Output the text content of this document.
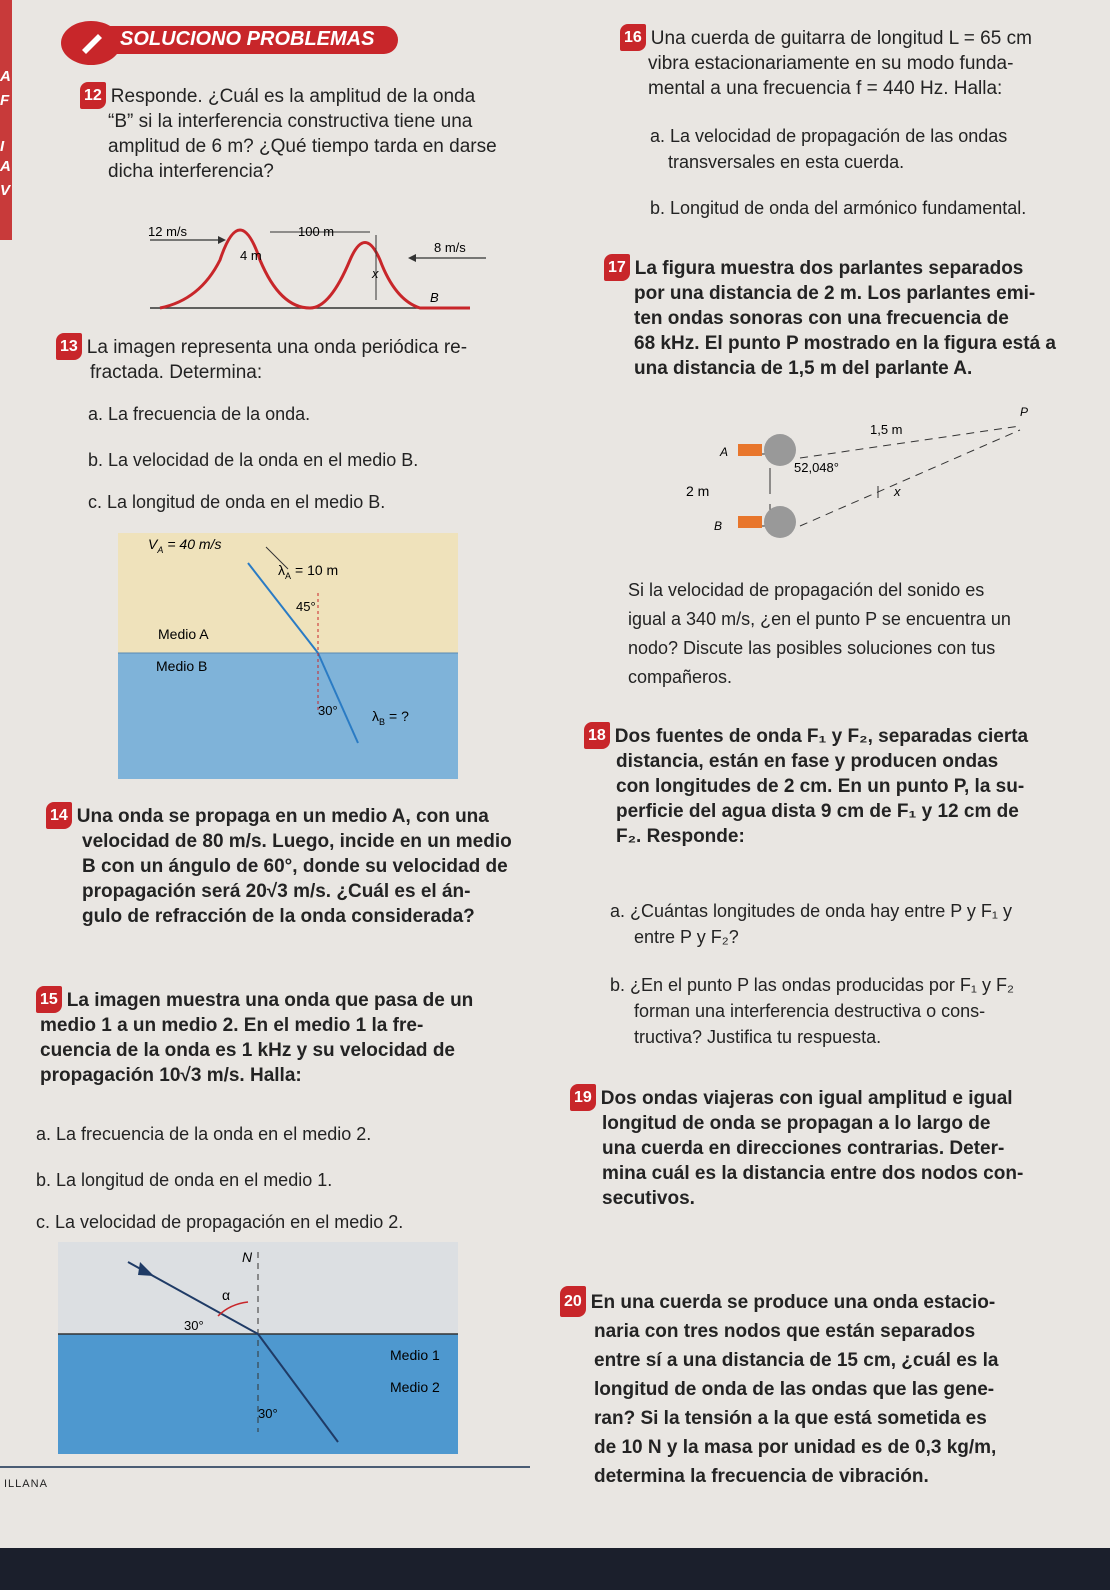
A
F
I
A
V
SOLUCIONO PROBLEMAS
12 Responde. ¿Cuál es la amplitud de la onda
“B” si la interferencia constructiva tiene una
amplitud de 6 m? ¿Qué tiempo tarda en darse
dicha interferencia?
12 m/s	100 m
4 m
8 m/s
x
B
13 La imagen representa una onda periódica re-
fractada. Determina:
a. La frecuencia de la onda.
b. La velocidad de la onda en el medio B.
c. La longitud de onda en el medio B.
$V_A = 40$ m/s
$\lambda_A = 10$ m
45°
Medio A
Medio B
30° $\lambda_B$ = ?
14 Una onda se propaga en un medio A, con una
velocidad de 80 m/s. Luego, incide en un medio
B con un ángulo de 60°, donde su velocidad de
propagación será 20√3 m/s. ¿Cuál es el án-
gulo de refracción de la onda considerada?
15 La imagen muestra una onda que pasa de un
medio 1 a un medio 2. En el medio 1 la fre-
cuencia de la onda es 1 kHz y su velocidad de
propagación 10√3 m/s. Halla:
a. La frecuencia de la onda en el medio 2.
b. La longitud de onda en el medio 1.
c. La velocidad de propagación en el medio 2.
N
α
30°
Medio 1
Medio 2
30°
ILLANA
16 Una cuerda de guitarra de longitud L = 65 cm
vibra estacionariamente en su modo funda-
mental a una frecuencia f = 440 Hz. Halla:
a. La velocidad de propagación de las ondas
transversales en esta cuerda.
b. Longitud de onda del armónico fundamental.
17 La figura muestra dos parlantes separados
por una distancia de 2 m. Los parlantes emi-
ten ondas sonoras con una frecuencia de
68 kHz. El punto P mostrado en la figura está a
una distancia de 1,5 m del parlante A.
P
1,5 m
A
52,048°
2 m	x
B
Si la velocidad de propagación del sonido es
igual a 340 m/s, ¿en el punto P se encuentra un
nodo? Discute las posibles soluciones con tus
compañeros.
18 Dos fuentes de onda F₁ y F₂, separadas cierta
distancia, están en fase y producen ondas
con longitudes de 2 cm. En un punto P, la su-
perficie del agua dista 9 cm de F₁ y 12 cm de
F₂. Responde:
a. ¿Cuántas longitudes de onda hay entre P y F₁ y
entre P y F₂?
b. ¿En el punto P las ondas producidas por F₁ y F₂
forman una interferencia destructiva o cons-
tructiva? Justifica tu respuesta.
19 Dos ondas viajeras con igual amplitud e igual
longitud de onda se propagan a lo largo de
una cuerda en direcciones contrarias. Deter-
mina cuál es la distancia entre dos nodos con-
secutivos.
20 En una cuerda se produce una onda estacio-
naria con tres nodos que están separados
entre sí a una distancia de 15 cm, ¿cuál es la
longitud de onda de las ondas que las gene-
ran? Si la tensión a la que está sometida es
de 10 N y la masa por unidad es de 0,3 kg/m,
determina la frecuencia de vibración.
